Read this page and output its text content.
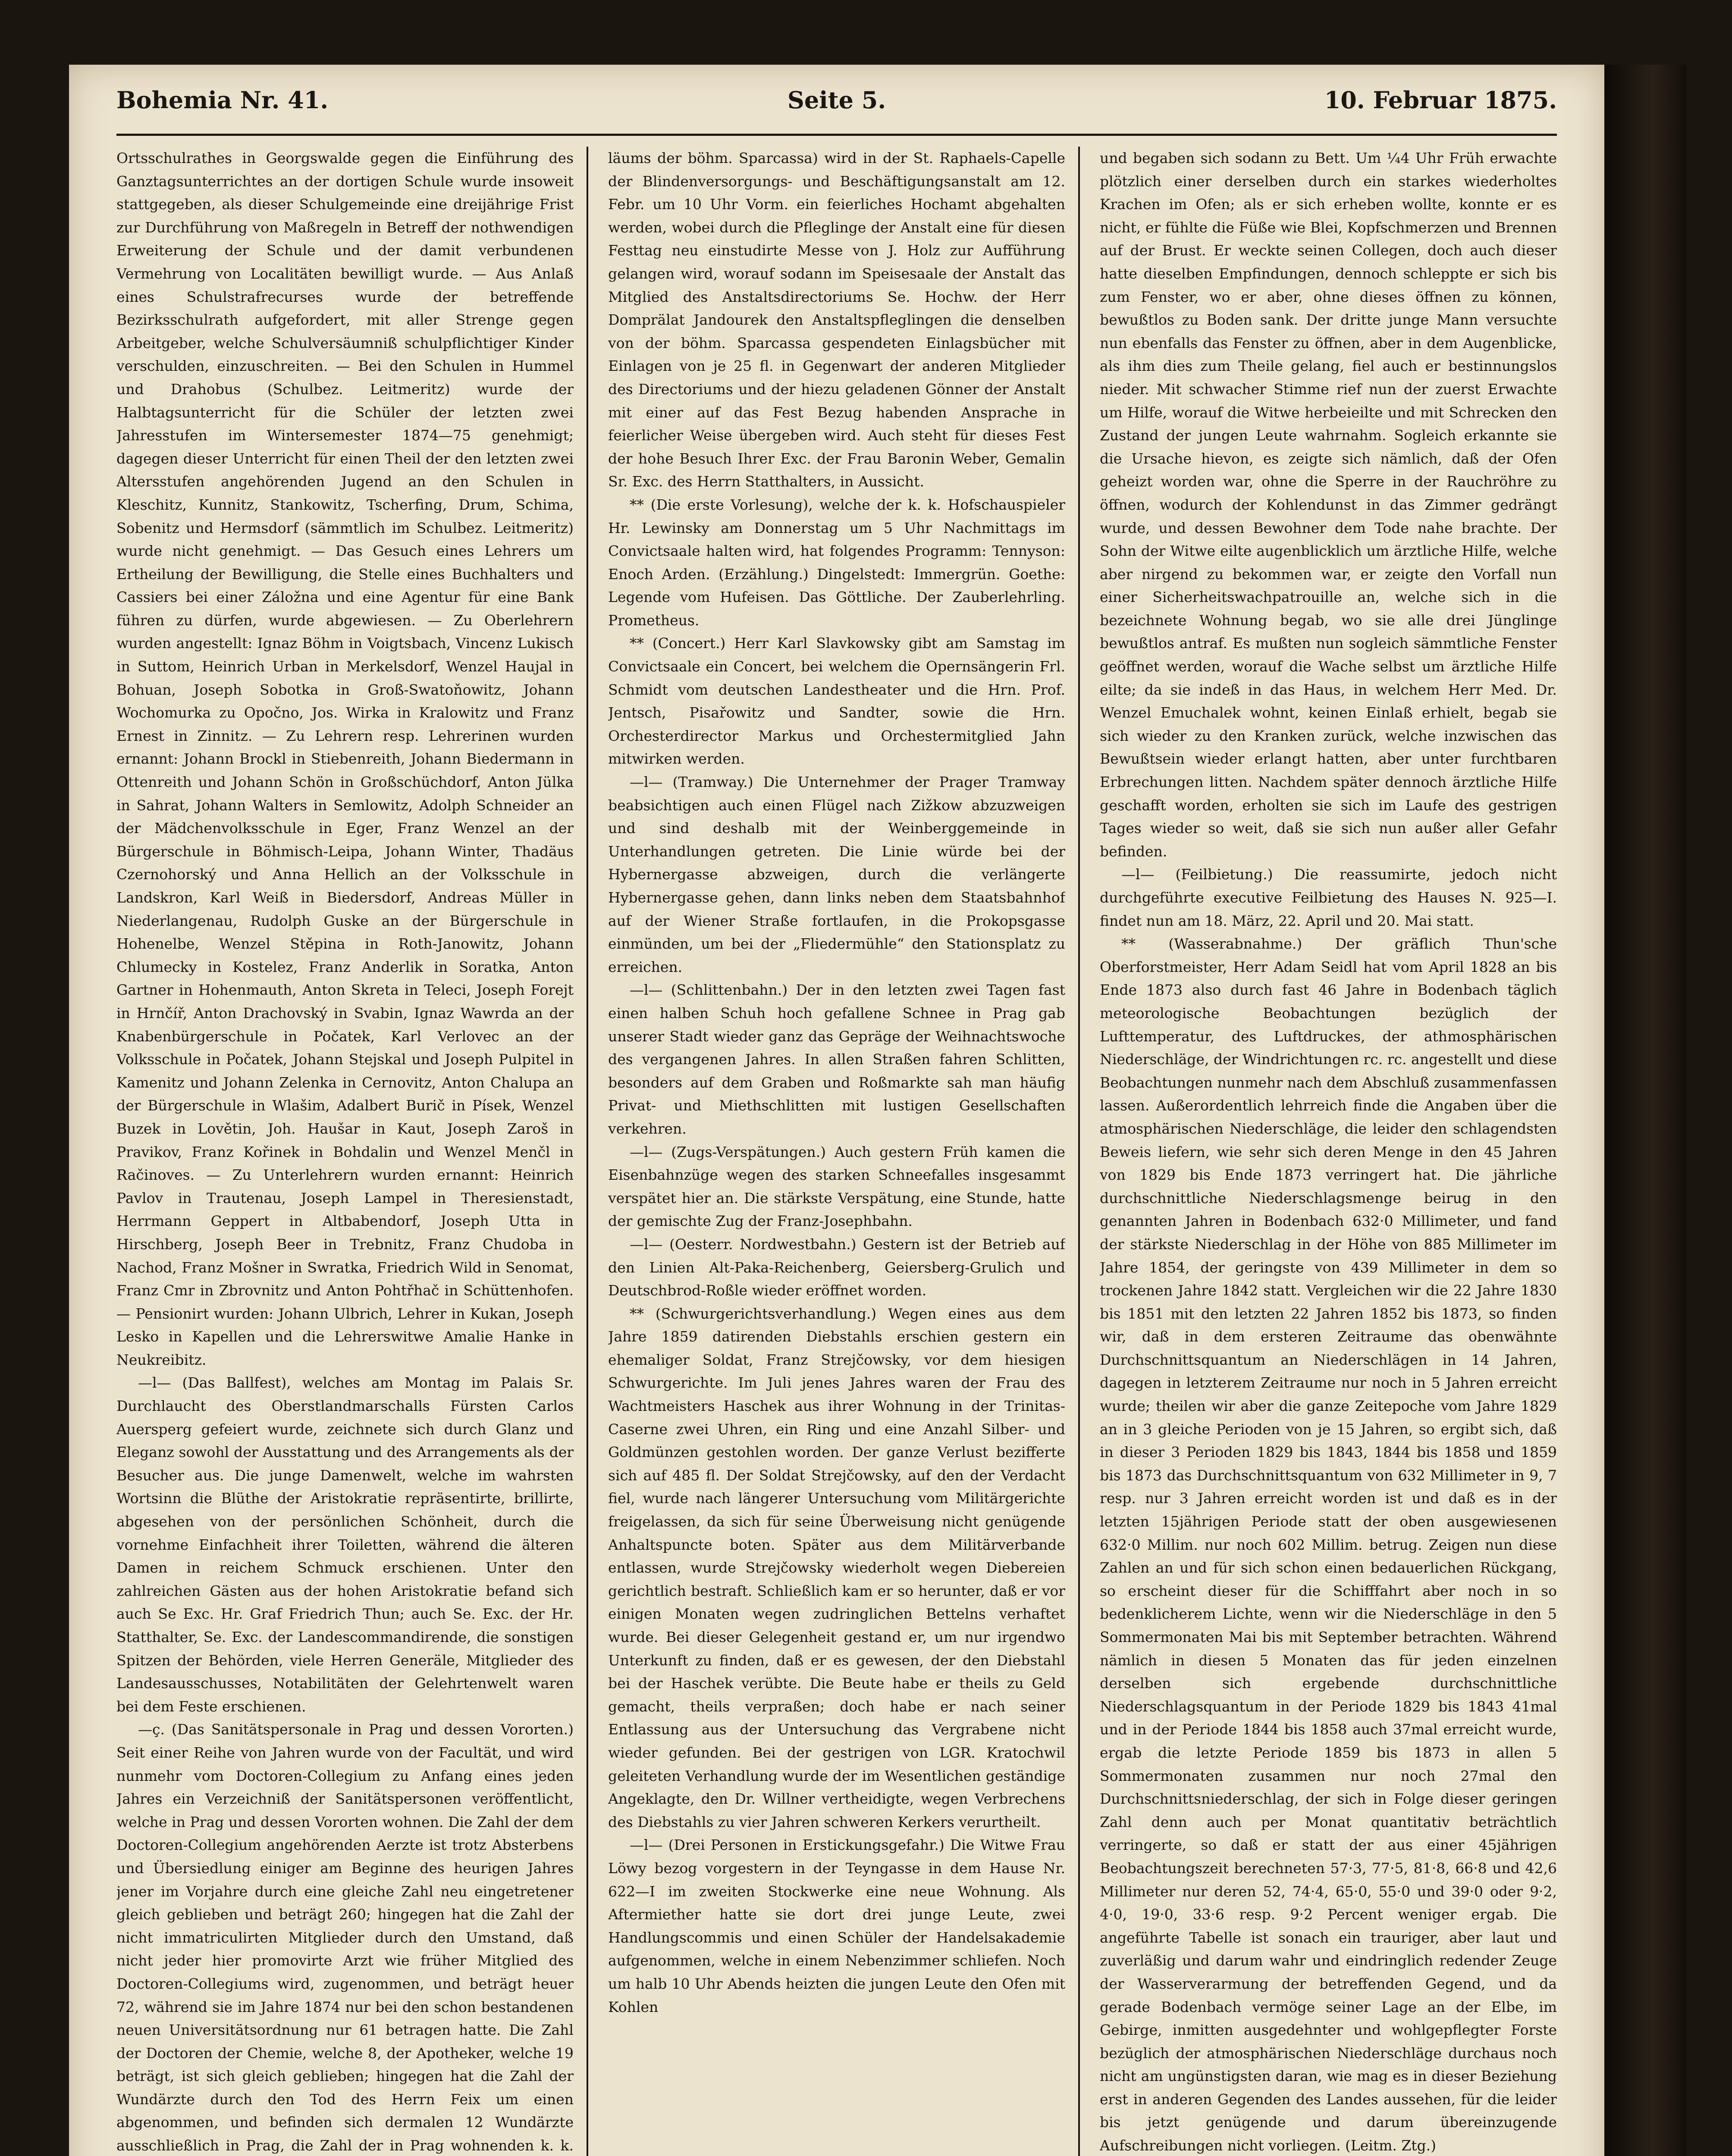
Bohemia Nr. 41.	Seite 5.	10. Februar 1875.

Ortsschulrathes in Georgswalde gegen die Einführung des Ganztagsunterrichtes an der dortigen Schule wurde insoweit stattgegeben, als dieser Schulgemeinde eine dreijährige Frist zur Durchführung von Maßregeln in Betreff der nothwendigen Erweiterung der Schule und der damit verbundenen Vermehrung von Localitäten bewilligt wurde. — Aus Anlaß eines Schulstrafrecurses wurde der betreffende Bezirksschulrath aufgefordert, mit aller Strenge gegen Arbeitgeber, welche Schulversäumniß schulpflichtiger Kinder verschulden, einzuschreiten. — Bei den Schulen in Hummel und Drahobus (Schulbez. Leitmeritz) wurde der Halbtagsunterricht für die Schüler der letzten zwei Jahresstufen im Wintersemester 1874—75 genehmigt; dagegen dieser Unterricht für einen Theil der den letzten zwei Altersstufen angehörenden Jugend an den Schulen in Kleschitz, Kunnitz, Stankowitz, Tscherfing, Drum, Schima, Sobenitz und Hermsdorf (sämmtlich im Schulbez. Leitmeritz) wurde nicht genehmigt. — Das Gesuch eines Lehrers um Ertheilung der Bewilligung, die Stelle eines Buchhalters und Cassiers bei einer Záložna und eine Agentur für eine Bank führen zu dürfen, wurde abgewiesen. — Zu Oberlehrern wurden angestellt: Ignaz Böhm in Voigtsbach, Vincenz Lukisch in Suttom, Heinrich Urban in Merkelsdorf, Wenzel Haujal in Bohuan, Joseph Sobotka in Groß-Swatoňowitz, Johann Wochomurka zu Opočno, Jos. Wirka in Kralowitz und Franz Ernest in Zinnitz. — Zu Lehrern resp. Lehrerinen wurden ernannt: Johann Brockl in Stiebenreith, Johann Biedermann in Ottenreith und Johann Schön in Großschüchdorf, Anton Jülka in Sahrat, Johann Walters in Semlowitz, Adolph Schneider an der Mädchenvolksschule in Eger, Franz Wenzel an der Bürgerschule in Böhmisch-Leipa, Johann Winter, Thadäus Czernohorský und Anna Hellich an der Volksschule in Landskron, Karl Weiß in Biedersdorf, Andreas Müller in Niederlangenau, Rudolph Guske an der Bürgerschule in Hohenelbe, Wenzel Stěpina in Roth-Janowitz, Johann Chlumecky in Kostelez, Franz Anderlik in Soratka, Anton Gartner in Hohenmauth, Anton Skreta in Teleci, Joseph Forejt in Hrnčíř, Anton Drachovský in Svabin, Ignaz Wawrda an der Knabenbürgerschule in Počatek, Karl Verlovec an der Volksschule in Počatek, Johann Stejskal und Joseph Pulpitel in Kamenitz und Johann Zelenka in Cernovitz, Anton Chalupa an der Bürgerschule in Wlašim, Adalbert Burič in Písek, Wenzel Buzek in Lovětin, Joh. Haušar in Kaut, Joseph Zaroš in Pravikov, Franz Kořinek in Bohdalin und Wenzel Menčl in Račinoves. — Zu Unterlehrern wurden ernannt: Heinrich Pavlov in Trautenau, Joseph Lampel in Theresienstadt, Herrmann Geppert in Altbabendorf, Joseph Utta in Hirschberg, Joseph Beer in Trebnitz, Franz Chudoba in Nachod, Franz Mošner in Swratka, Friedrich Wild in Senomat, Franz Cmr in Zbrovnitz und Anton Pohtřhač in Schüttenhofen. — Pensionirt wurden: Johann Ulbrich, Lehrer in Kukan, Joseph Lesko in Kapellen und die Lehrerswitwe Amalie Hanke in Neukreibitz.

—l— (Das Ballfest), welches am Montag im Palais Sr. Durchlaucht des Oberstlandmarschalls Fürsten Carlos Auersperg gefeiert wurde, zeichnete sich durch Glanz und Eleganz sowohl der Ausstattung und des Arrangements als der Besucher aus. Die junge Damenwelt, welche im wahrsten Wortsinn die Blüthe der Aristokratie repräsentirte, brillirte, abgesehen von der persönlichen Schönheit, durch die vornehme Einfachheit ihrer Toiletten, während die älteren Damen in reichem Schmuck erschienen. Unter den zahlreichen Gästen aus der hohen Aristokratie befand sich auch Se Exc. Hr. Graf Friedrich Thun; auch Se. Exc. der Hr. Statthalter, Se. Exc. der Landescommandirende, die sonstigen Spitzen der Behörden, viele Herren Generäle, Mitglieder des Landesausschusses, Notabilitäten der Gelehrtenwelt waren bei dem Feste erschienen.

—ç. (Das Sanitätspersonale in Prag und dessen Vororten.) Seit einer Reihe von Jahren wurde von der Facultät, und wird nunmehr vom Doctoren-Collegium zu Anfang eines jeden Jahres ein Verzeichniß der Sanitätspersonen veröffentlicht, welche in Prag und dessen Vororten wohnen. Die Zahl der dem Doctoren-Collegium angehörenden Aerzte ist trotz Absterbens und Übersiedlung einiger am Beginne des heurigen Jahres jener im Vorjahre durch eine gleiche Zahl neu eingetretener gleich geblieben und beträgt 260; hingegen hat die Zahl der nicht immatriculirten Mitglieder durch den Umstand, daß nicht jeder hier promovirte Arzt wie früher Mitglied des Doctoren-Collegiums wird, zugenommen, und beträgt heuer 72, während sie im Jahre 1874 nur bei den schon bestandenen neuen Universitätsordnung nur 61 betragen hatte. Die Zahl der Doctoren der Chemie, welche 8, der Apotheker, welche 19 beträgt, ist sich gleich geblieben; hingegen hat die Zahl der Wundärzte durch den Tod des Herrn Feix um einen abgenommen, und befinden sich dermalen 12 Wundärzte ausschließlich in Prag, die Zahl der in Prag wohnenden k. k.

läums der böhm. Sparcassa) wird in der St. Raphaels-Capelle der Blindenversorgungs- und Beschäftigungsanstalt am 12. Febr. um 10 Uhr Vorm. ein feierliches Hochamt abgehalten werden, wobei durch die Pfleglinge der Anstalt eine für diesen Festtag neu einstudirte Messe von J. Holz zur Aufführung gelangen wird, worauf sodann im Speisesaale der Anstalt das Mitglied des Anstaltsdirectoriums Se. Hochw. der Herr Domprälat Jandourek den Anstaltspfleglingen die denselben von der böhm. Sparcassa gespendeten Einlagsbücher mit Einlagen von je 25 fl. in Gegenwart der anderen Mitglieder des Directoriums und der hiezu geladenen Gönner der Anstalt mit einer auf das Fest Bezug habenden Ansprache in feierlicher Weise übergeben wird. Auch steht für dieses Fest der hohe Besuch Ihrer Exc. der Frau Baronin Weber, Gemalin Sr. Exc. des Herrn Statthalters, in Aussicht.

** (Die erste Vorlesung), welche der k. k. Hofschauspieler Hr. Lewinsky am Donnerstag um 5 Uhr Nachmittags im Convictsaale halten wird, hat folgendes Programm: Tennyson: Enoch Arden. (Erzählung.) Dingelstedt: Immergrün. Goethe: Legende vom Hufeisen. Das Göttliche. Der Zauberlehrling. Prometheus.

** (Concert.) Herr Karl Slavkowsky gibt am Samstag im Convictsaale ein Concert, bei welchem die Opernsängerin Frl. Schmidt vom deutschen Landestheater und die Hrn. Prof. Jentsch, Pisařowitz und Sandter, sowie die Hrn. Orchesterdirector Markus und Orchestermitglied Jahn mitwirken werden.

—l— (Tramway.) Die Unternehmer der Prager Tramway beabsichtigen auch einen Flügel nach Zižkow abzuzweigen und sind deshalb mit der Weinberggemeinde in Unterhandlungen getreten. Die Linie würde bei der Hybernergasse abzweigen, durch die verlängerte Hybernergasse gehen, dann links neben dem Staatsbahnhof auf der Wiener Straße fortlaufen, in die Prokopsgasse einmünden, um bei der „Fliedermühle“ den Stationsplatz zu erreichen.

—l— (Schlittenbahn.) Der in den letzten zwei Tagen fast einen halben Schuh hoch gefallene Schnee in Prag gab unserer Stadt wieder ganz das Gepräge der Weihnachtswoche des vergangenen Jahres. In allen Straßen fahren Schlitten, besonders auf dem Graben und Roßmarkte sah man häufig Privat- und Miethschlitten mit lustigen Gesellschaften verkehren.

—l— (Zugs-Verspätungen.) Auch gestern Früh kamen die Eisenbahnzüge wegen des starken Schneefalles insgesammt verspätet hier an. Die stärkste Verspätung, eine Stunde, hatte der gemischte Zug der Franz-Josephbahn.

—l— (Oesterr. Nordwestbahn.) Gestern ist der Betrieb auf den Linien Alt-Paka-Reichenberg, Geiersberg-Grulich und Deutschbrod-Roßle wieder eröffnet worden.

** (Schwurgerichtsverhandlung.) Wegen eines aus dem Jahre 1859 datirenden Diebstahls erschien gestern ein ehemaliger Soldat, Franz Strejčowsky, vor dem hiesigen Schwurgerichte. Im Juli jenes Jahres waren der Frau des Wachtmeisters Haschek aus ihrer Wohnung in der Trinitas-Caserne zwei Uhren, ein Ring und eine Anzahl Silber- und Goldmünzen gestohlen worden. Der ganze Verlust bezifferte sich auf 485 fl. Der Soldat Strejčowsky, auf den der Verdacht fiel, wurde nach längerer Untersuchung vom Militärgerichte freigelassen, da sich für seine Überweisung nicht genügende Anhaltspuncte boten. Später aus dem Militärverbande entlassen, wurde Strejčowsky wiederholt wegen Diebereien gerichtlich bestraft. Schließlich kam er so herunter, daß er vor einigen Monaten wegen zudringlichen Bettelns verhaftet wurde. Bei dieser Gelegenheit gestand er, um nur irgendwo Unterkunft zu finden, daß er es gewesen, der den Diebstahl bei der Haschek verübte. Die Beute habe er theils zu Geld gemacht, theils verpraßen; doch habe er nach seiner Entlassung aus der Untersuchung das Vergrabene nicht wieder gefunden. Bei der gestrigen von LGR. Kratochwil geleiteten Verhandlung wurde der im Wesentlichen geständige Angeklagte, den Dr. Willner vertheidigte, wegen Verbrechens des Diebstahls zu vier Jahren schweren Kerkers verurtheilt.

—l— (Drei Personen in Erstickungsgefahr.) Die Witwe Frau Löwy bezog vorgestern in der Teyngasse in dem Hause Nr. 622—I im zweiten Stockwerke eine neue Wohnung. Als Aftermiether hatte sie dort drei junge Leute, zwei Handlungscommis und einen Schüler der Handelsakademie aufgenommen, welche in einem Nebenzimmer schliefen. Noch um halb 10 Uhr Abends heizten die jungen Leute den Ofen mit Kohlen

und begaben sich sodann zu Bett. Um ¼4 Uhr Früh erwachte plötzlich einer derselben durch ein starkes wiederholtes Krachen im Ofen; als er sich erheben wollte, konnte er es nicht, er fühlte die Füße wie Blei, Kopfschmerzen und Brennen auf der Brust. Er weckte seinen Collegen, doch auch dieser hatte dieselben Empfindungen, dennoch schleppte er sich bis zum Fenster, wo er aber, ohne dieses öffnen zu können, bewußtlos zu Boden sank. Der dritte junge Mann versuchte nun ebenfalls das Fenster zu öffnen, aber in dem Augenblicke, als ihm dies zum Theile gelang, fiel auch er bestinnungslos nieder. Mit schwacher Stimme rief nun der zuerst Erwachte um Hilfe, worauf die Witwe herbeieilte und mit Schrecken den Zustand der jungen Leute wahrnahm. Sogleich erkannte sie die Ursache hievon, es zeigte sich nämlich, daß der Ofen geheizt worden war, ohne die Sperre in der Rauchröhre zu öffnen, wodurch der Kohlendunst in das Zimmer gedrängt wurde, und dessen Bewohner dem Tode nahe brachte. Der Sohn der Witwe eilte augenblicklich um ärztliche Hilfe, welche aber nirgend zu bekommen war, er zeigte den Vorfall nun einer Sicherheitswachpatrouille an, welche sich in die bezeichnete Wohnung begab, wo sie alle drei Jünglinge bewußtlos antraf. Es mußten nun sogleich sämmtliche Fenster geöffnet werden, worauf die Wache selbst um ärztliche Hilfe eilte; da sie indeß in das Haus, in welchem Herr Med. Dr. Wenzel Emuchalek wohnt, keinen Einlaß erhielt, begab sie sich wieder zu den Kranken zurück, welche inzwischen das Bewußtsein wieder erlangt hatten, aber unter furchtbaren Erbrechungen litten. Nachdem später dennoch ärztliche Hilfe geschafft worden, erholten sie sich im Laufe des gestrigen Tages wieder so weit, daß sie sich nun außer aller Gefahr befinden.

—l— (Feilbietung.) Die reassumirte, jedoch nicht durchgeführte executive Feilbietung des Hauses N. 925—I. findet nun am 18. März, 22. April und 20. Mai statt.

** (Wasserabnahme.) Der gräflich Thun'sche Oberforstmeister, Herr Adam Seidl hat vom April 1828 an bis Ende 1873 also durch fast 46 Jahre in Bodenbach täglich meteorologische Beobachtungen bezüglich der Lufttemperatur, des Luftdruckes, der athmosphärischen Niederschläge, der Windrichtungen rc. rc. angestellt und diese Beobachtungen nunmehr nach dem Abschluß zusammenfassen lassen. Außerordentlich lehrreich finde die Angaben über die atmosphärischen Niederschläge, die leider den schlagendsten Beweis liefern, wie sehr sich deren Menge in den 45 Jahren von 1829 bis Ende 1873 verringert hat. Die jährliche durchschnittliche Niederschlagsmenge beirug in den genannten Jahren in Bodenbach 632·0 Millimeter, und fand der stärkste Niederschlag in der Höhe von 885 Millimeter im Jahre 1854, der geringste von 439 Millimeter in dem so trockenen Jahre 1842 statt. Vergleichen wir die 22 Jahre 1830 bis 1851 mit den letzten 22 Jahren 1852 bis 1873, so finden wir, daß in dem ersteren Zeitraume das obenwähnte Durchschnittsquantum an Niederschlägen in 14 Jahren, dagegen in letzterem Zeitraume nur noch in 5 Jahren erreicht wurde; theilen wir aber die ganze Zeitepoche vom Jahre 1829 an in 3 gleiche Perioden von je 15 Jahren, so ergibt sich, daß in dieser 3 Perioden 1829 bis 1843, 1844 bis 1858 und 1859 bis 1873 das Durchschnittsquantum von 632 Millimeter in 9, 7 resp. nur 3 Jahren erreicht worden ist und daß es in der letzten 15jährigen Periode statt der oben ausgewiesenen 632·0 Millim. nur noch 602 Millim. betrug. Zeigen nun diese Zahlen an und für sich schon einen bedauerlichen Rückgang, so erscheint dieser für die Schifffahrt aber noch in so bedenklicherem Lichte, wenn wir die Niederschläge in den 5 Sommermonaten Mai bis mit September betrachten. Während nämlich in diesen 5 Monaten das für jeden einzelnen derselben sich ergebende durchschnittliche Niederschlagsquantum in der Periode 1829 bis 1843 41mal und in der Periode 1844 bis 1858 auch 37mal erreicht wurde, ergab die letzte Periode 1859 bis 1873 in allen 5 Sommermonaten zusammen nur noch 27mal den Durchschnittsniederschlag, der sich in Folge dieser geringen Zahl denn auch per Monat quantitativ beträchtlich verringerte, so daß er statt der aus einer 45jährigen Beobachtungszeit berechneten 57·3, 77·5, 81·8, 66·8 und 42,6 Millimeter nur deren 52, 74·4, 65·0, 55·0 und 39·0 oder 9·2, 4·0, 19·0, 33·6 resp. 9·2 Percent weniger ergab. Die angeführte Tabelle ist sonach ein trauriger, aber laut und zuverläßig und darum wahr und eindringlich redender Zeuge der Wasserverarmung der betreffenden Gegend, und da gerade Bodenbach vermöge seiner Lage an der Elbe, im Gebirge, inmitten ausgedehnter und wohlgepflegter Forste bezüglich der atmosphärischen Niederschläge durchaus noch nicht am ungünstigsten daran, wie mag es in dieser Beziehung erst in anderen Gegenden des Landes aussehen, für die leider bis jetzt genügende und darum übereinzugende Aufschreibungen nicht vorliegen. (Leitm. Ztg.)
